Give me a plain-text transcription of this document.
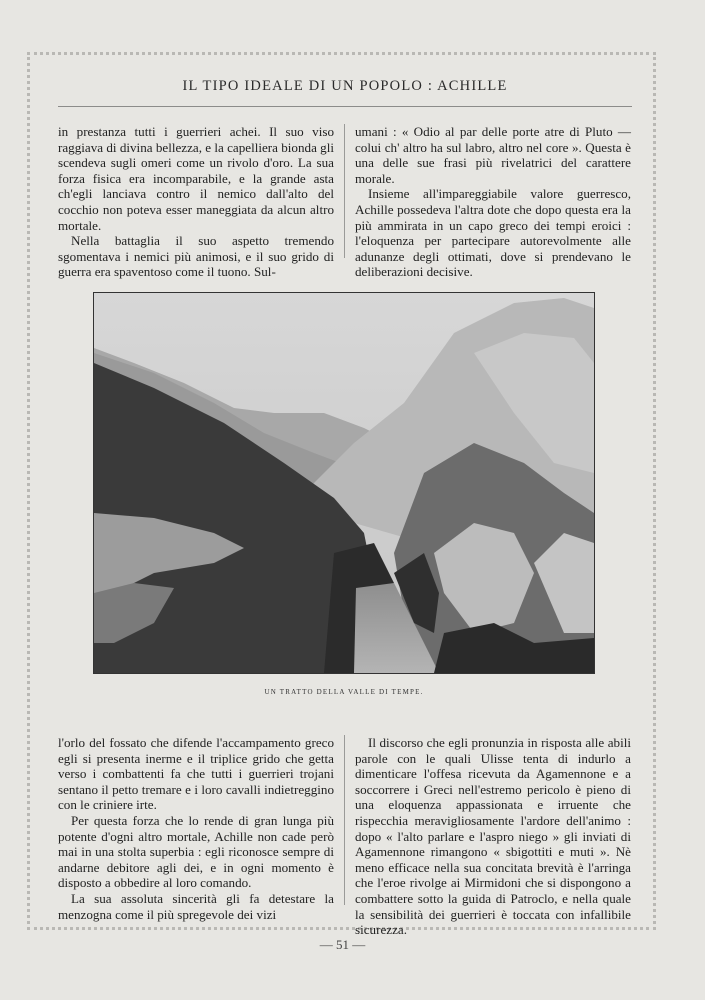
IL TIPO IDEALE DI UN POPOLO : ACHILLE

in prestanza tutti i guerrieri achei. Il suo viso raggiava di divina bellezza, e la capelliera bionda gli scendeva sugli omeri come un rivolo d'oro. La sua forza fisica era incomparabile, e la grande asta ch'egli lanciava contro il nemico dall'alto del cocchio non poteva esser maneggiata da alcun altro mortale.

Nella battaglia il suo aspetto tremendo sgomentava i nemici più animosi, e il suo grido di guerra era spaventoso come il tuono. Sul-

umani : « Odio al par delle porte atre di Pluto — colui ch' altro ha sul labro, altro nel core ». Questa è una delle sue frasi più rivelatrici del carattere morale.

Insieme all'impareggiabile valore guerresco, Achille possedeva l'altra dote che dopo questa era la più ammirata in un capo greco dei tempi eroici : l'eloquenza per partecipare autorevolmente alle adunanze degli ottimati, dove si prendevano le deliberazioni decisive.

UN TRATTO DELLA VALLE DI TEMPE.

l'orlo del fossato che difende l'accampamento greco egli si presenta inerme e il triplice grido che getta verso i combattenti fa che tutti i guerrieri trojani sentano il petto tremare e i loro cavalli indietreggino con le criniere irte.

Per questa forza che lo rende di gran lunga più potente d'ogni altro mortale, Achille non cade però mai in una stolta superbia : egli riconosce sempre di andarne debitore agli dei, e in ogni momento è disposto a obbedire al loro comando.

La sua assoluta sincerità gli fa detestare la menzogna come il più spregevole dei vizi

Il discorso che egli pronunzia in risposta alle abili parole con le quali Ulisse tenta di indurlo a dimenticare l'offesa ricevuta da Agamennone e a soccorrere i Greci nell'estremo pericolo è pieno di una eloquenza appassionata e irruente che rispecchia meravigliosamente l'ardore dell'animo : dopo « l'alto parlare e l'aspro niego » gli inviati di Agamennone rimangono « sbigottiti e muti ». Nè meno efficace nella sua concitata brevità è l'arringa che l'eroe rivolge ai Mirmidoni che si dispongono a combattere sotto la guida di Patroclo, e nella quale la sensibilità dei guerrieri è toccata con infallibile sicurezza.

— 51 —
